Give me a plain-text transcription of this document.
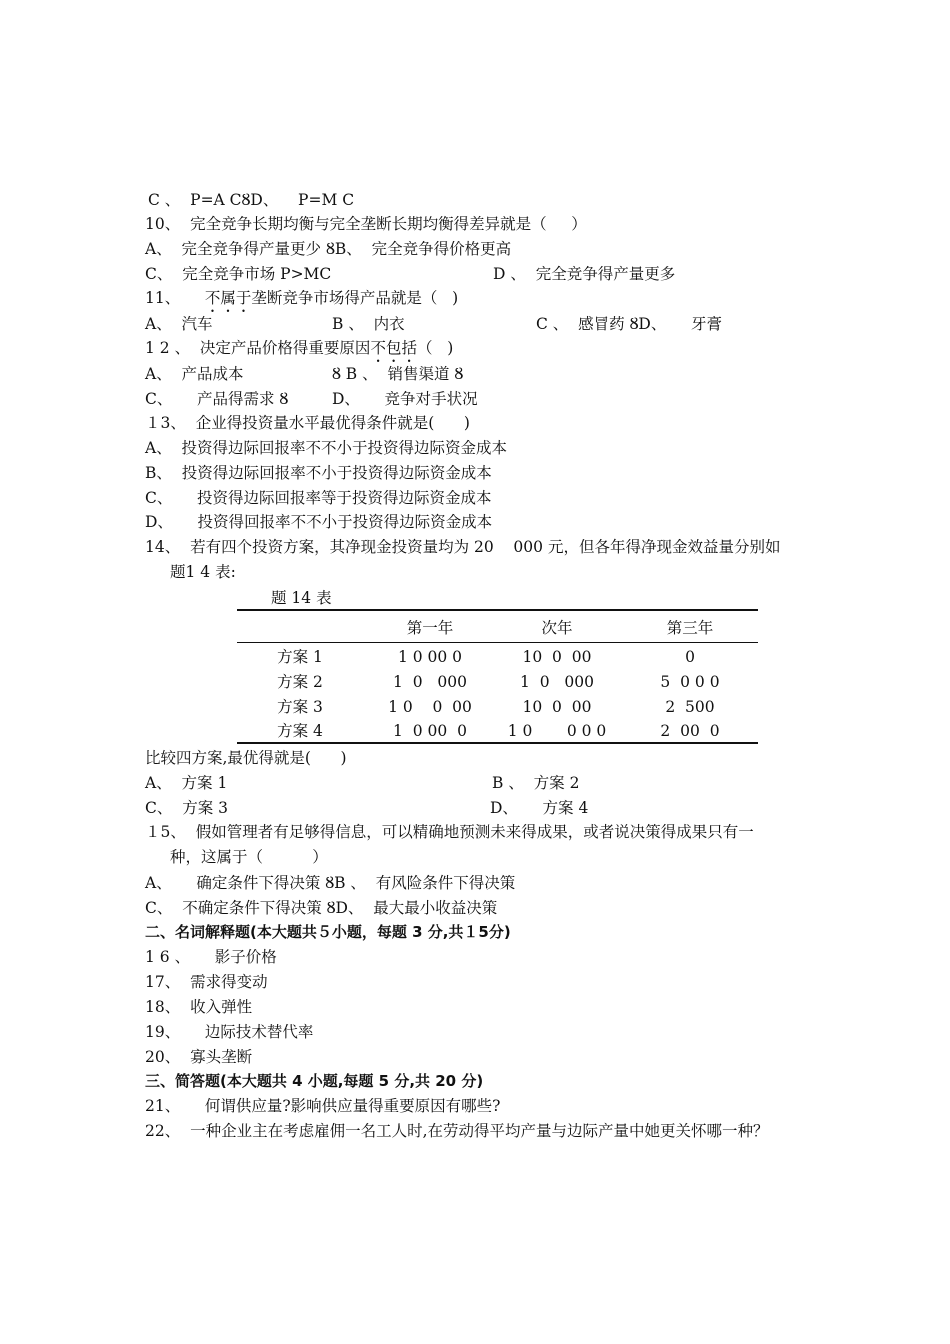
C 、  P=A CȢD、    P=M C
10、  完全竞争长期均衡与完全垄断长期均衡得差异就是（     ）
A、  完全竞争得产量更少 ȢB、  完全竞争得价格更高
C、  完全竞争市场 P>MC	D 、  完全竞争得产量更多
11、     不属于垄断竞争市场得产品就是（   )
A、  汽车	B 、  内衣	C 、  感冒药 ȢD、     牙膏
1 2 、  决定产品价格得重要原因不包括（   )
A、  产品成本	Ȣ B 、  销售渠道 Ȣ
C、     产品得需求 Ȣ	D、     竞争对手状况
１3、  企业得投资量水平最优得条件就是(      )
A、  投资得边际回报率不不小于投资得边际资金成本
B、  投资得边际回报率不小于投资得边际资金成本
C、     投资得边际回报率等于投资得边际资金成本
D、     投资得回报率不不小于投资得边际资金成本
14、  若有四个投资方案，其净现金投资量均为 20    000 元，但各年得净现金效益量分别如
题1 4 表:
题 14 表
第一年	次年	第三年
方案 1	1 0 00 0	10  0  00	0
方案 2	1  0   000	1  0   000	5  0 0 0
方案 3	1 0    0  00	10  0  00	2  500
方案 4	1  0 00  0	1 0       0 0 0	2  00  0
比较四方案,最优得就是(      )
A、  方案 1	B 、  方案 2
C、  方案 3	D、     方案 4
１5、  假如管理者有足够得信息，可以精确地预测未来得成果，或者说决策得成果只有一
种，这属于（          ）
A、     确定条件下得决策 ȢB 、  有风险条件下得决策
C、  不确定条件下得决策 ȢD、  最大最小收益决策
二、名词解释题(本大题共５小题，每题 3 分,共１5分)
1 6 、     影子价格
17、  需求得变动
18、  收入弹性
19、     边际技术替代率
20、  寡头垄断
三、简答题(本大题共 4 小题,每题 5 分,共 20 分)
21、     何谓供应量?影响供应量得重要原因有哪些?
22、  一种企业主在考虑雇佣一名工人时,在劳动得平均产量与边际产量中她更关怀哪一种？
